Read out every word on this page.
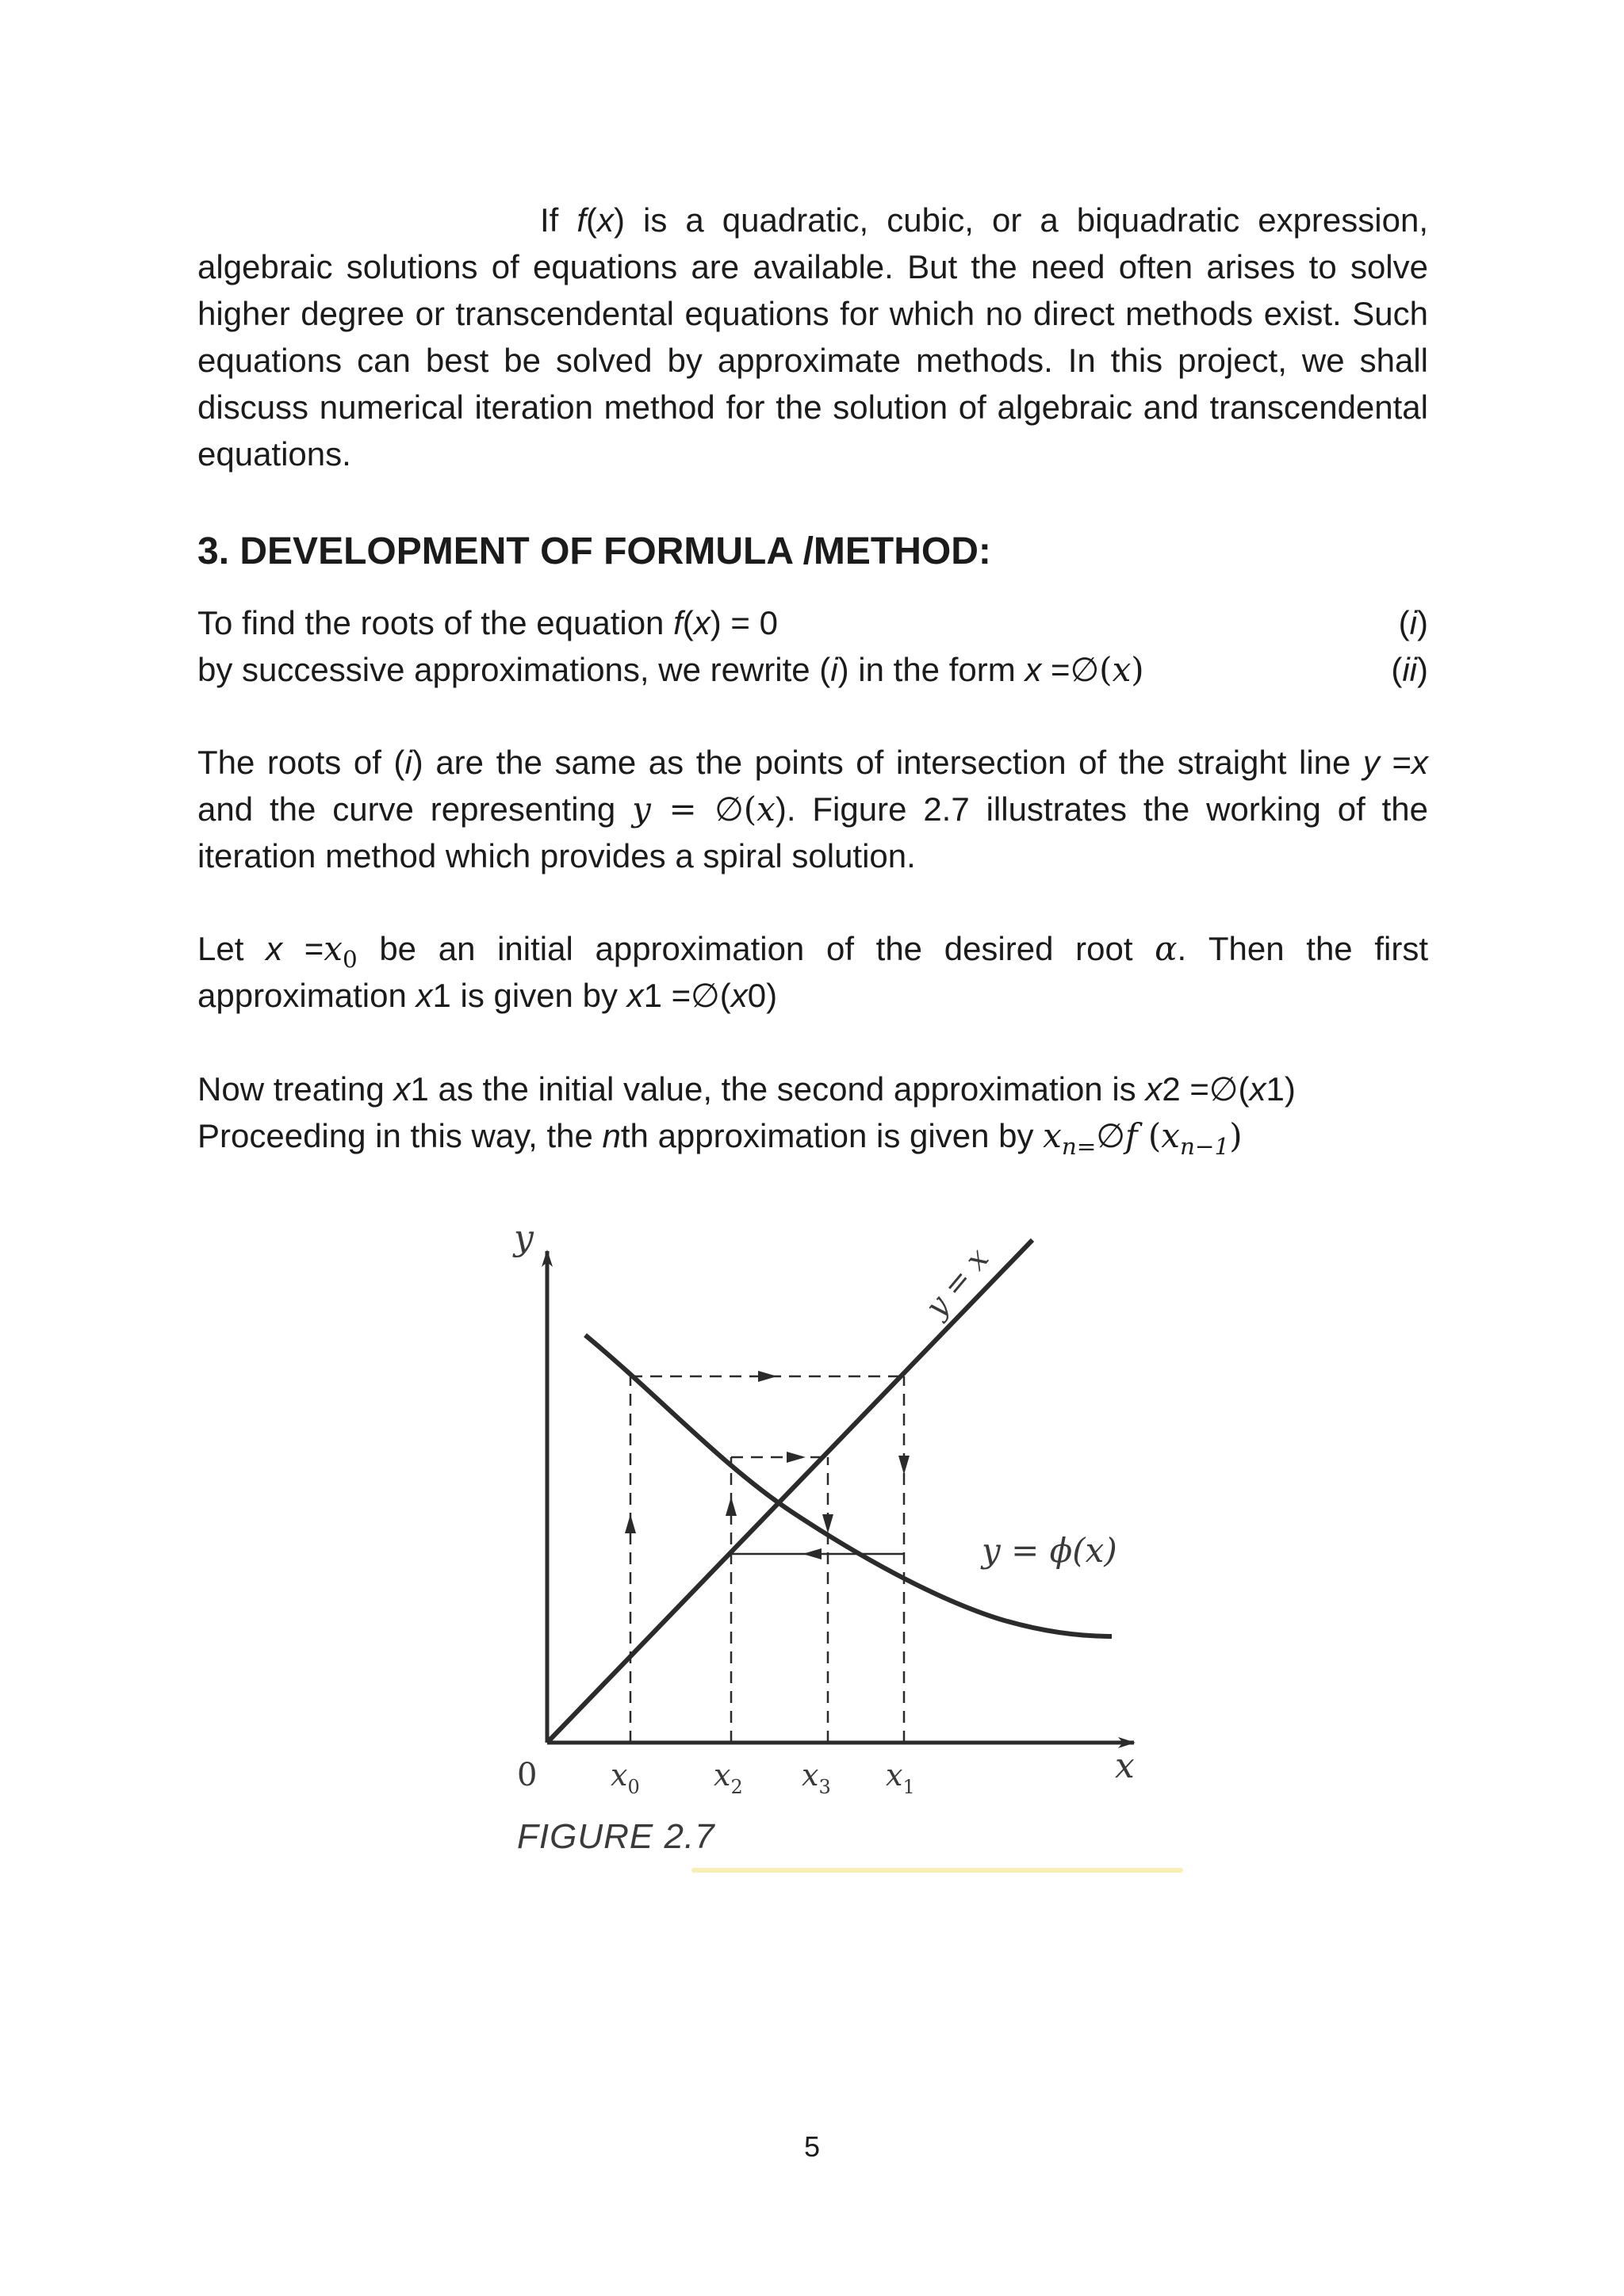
If f(x) is a quadratic, cubic, or a biquadratic expression, algebraic solutions of equations are available. But the need often arises to solve higher degree or transcendental equations for which no direct methods exist. Such equations can best be solved by approximate methods. In this project, we shall discuss numerical iteration method for the solution of algebraic and transcendental equations.

3. DEVELOPMENT OF FORMULA /METHOD:
To find the roots of the equation f(x) = 0	(i)
by successive approximations, we rewrite (i) in the form x =∅(x)	(ii)

The roots of (i) are the same as the points of intersection of the straight line y =x and the curve representing y = ∅(x). Figure 2.7 illustrates the working of the iteration method which provides a spiral solution.

Let $x =x_0$ be an initial approximation of the desired root α. Then the first approximation x1 is given by x1 =∅(x0)

Now treating x1 as the initial value, the second approximation is x2 =∅(x1)
Proceeding in this way, the nth approximation is given by $x_{n=}\emptyset f$ $(x_{n-1})$
y
x
0
y = x
y = ϕ(x)
$x_0$ $x_2$ $x_3$ $x_1$
FIGURE 2.7
5
